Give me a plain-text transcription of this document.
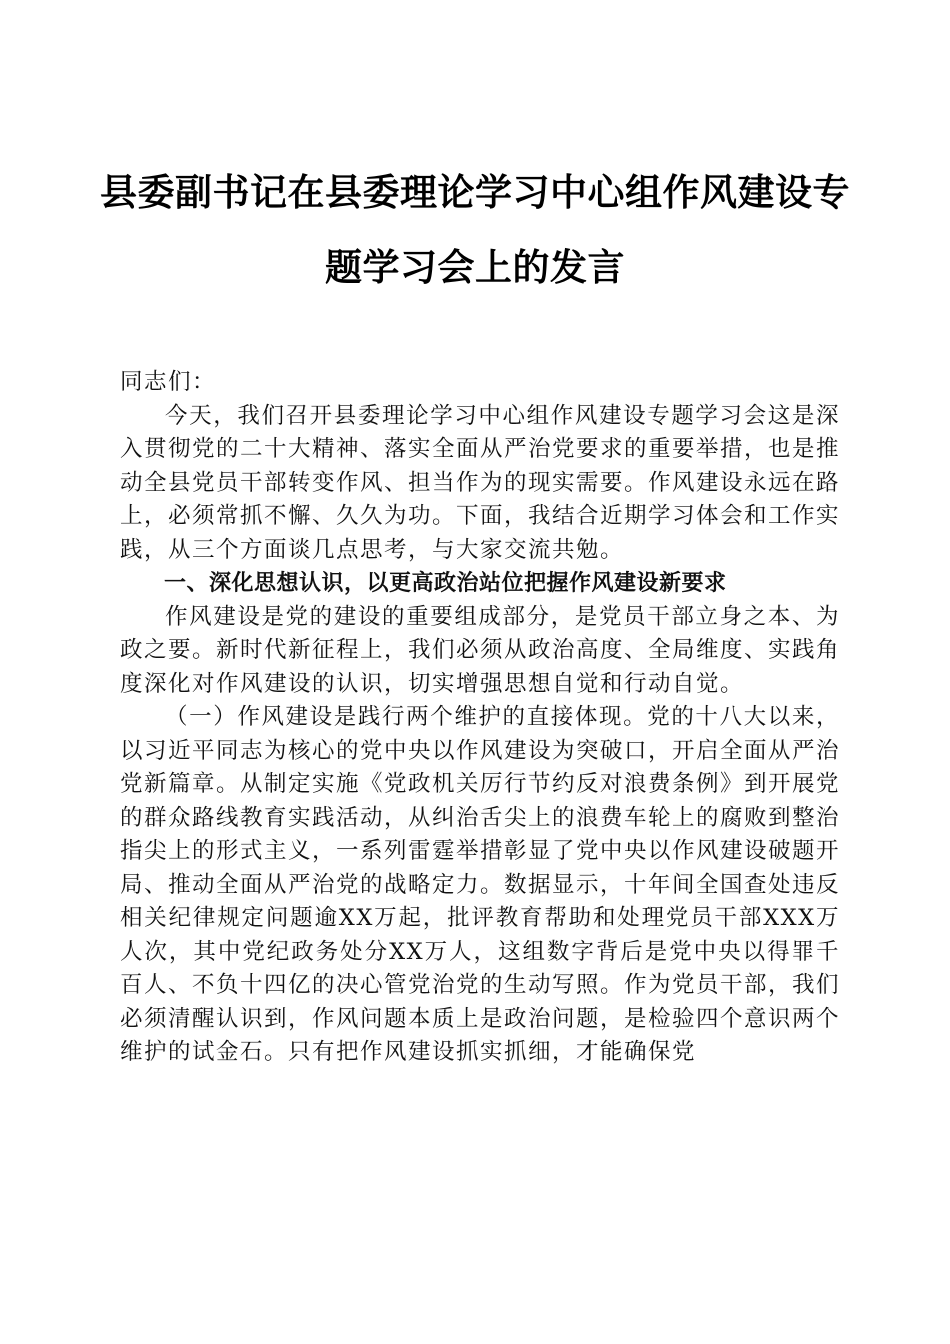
县委副书记在县委理论学习中心组作风建设专
题学习会上的发言

同志们：

今天，我们召开县委理论学习中心组作风建设专题学习会这是深入贯彻党的二十大精神、落实全面从严治党要求的重要举措，也是推动全县党员干部转变作风、担当作为的现实需要。作风建设永远在路上，必须常抓不懈、久久为功。下面，我结合近期学习体会和工作实践，从三个方面谈几点思考，与大家交流共勉。

一、深化思想认识，以更高政治站位把握作风建设新要求

作风建设是党的建设的重要组成部分，是党员干部立身之本、为政之要。新时代新征程上，我们必须从政治高度、全局维度、实践角度深化对作风建设的认识，切实增强思想自觉和行动自觉。

（一）作风建设是践行两个维护的直接体现。党的十八大以来，以习近平同志为核心的党中央以作风建设为突破口，开启全面从严治党新篇章。从制定实施《党政机关厉行节约反对浪费条例》到开展党的群众路线教育实践活动，从纠治舌尖上的浪费车轮上的腐败到整治指尖上的形式主义，一系列雷霆举措彰显了党中央以作风建设破题开局、推动全面从严治党的战略定力。数据显示，十年间全国查处违反相关纪律规定问题逾XX万起，批评教育帮助和处理党员干部XXX万人次，其中党纪政务处分XX万人，这组数字背后是党中央以得罪千百人、不负十四亿的决心管党治党的生动写照。作为党员干部，我们必须清醒认识到，作风问题本质上是政治问题，是检验四个意识两个维护的试金石。只有把作风建设抓实抓细，才能确保党
